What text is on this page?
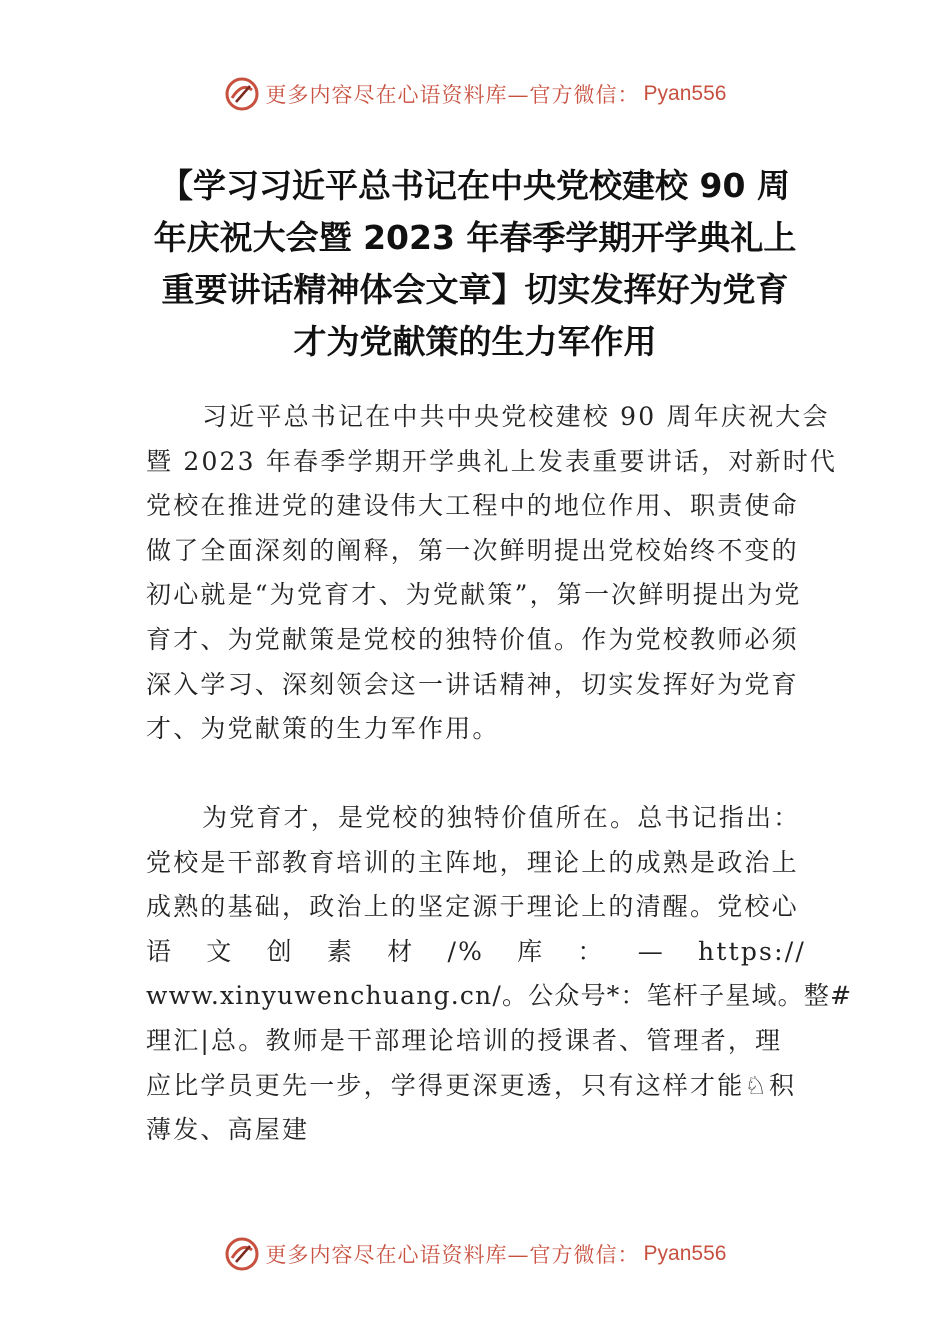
更多内容尽在心语资料库—官方微信： Pyan556
【学习习近平总书记在中央党校建校 90 周
年庆祝大会暨 2023 年春季学期开学典礼上
重要讲话精神体会文章】切实发挥好为党育
才为党献策的生力军作用
习近平总书记在中共中央党校建校 90 周年庆祝大会
暨 2023 年春季学期开学典礼上发表重要讲话，对新时代
党校在推进党的建设伟大工程中的地位作用、职责使命
做了全面深刻的阐释，第一次鲜明提出党校始终不变的
初心就是“为党育才、为党献策”，第一次鲜明提出为党
育才、为党献策是党校的独特价值。作为党校教师必须
深入学习、深刻领会这一讲话精神，切实发挥好为党育
才、为党献策的生力军作用。
为党育才，是党校的独特价值所在。总书记指出：
党校是干部教育培训的主阵地，理论上的成熟是政治上
成熟的基础，政治上的坚定源于理论上的清醒。党校心
语 文 创 素 材 /% 库 ： — https://
www.xinyuwenchuang.cn/。公众号*：笔杆子星域。整#
理汇|总。教师是干部理论培训的授课者、管理者，理
应比学员更先一步，学得更深更透，只有这样才能♘积
薄发、高屋建
更多内容尽在心语资料库—官方微信： Pyan556
